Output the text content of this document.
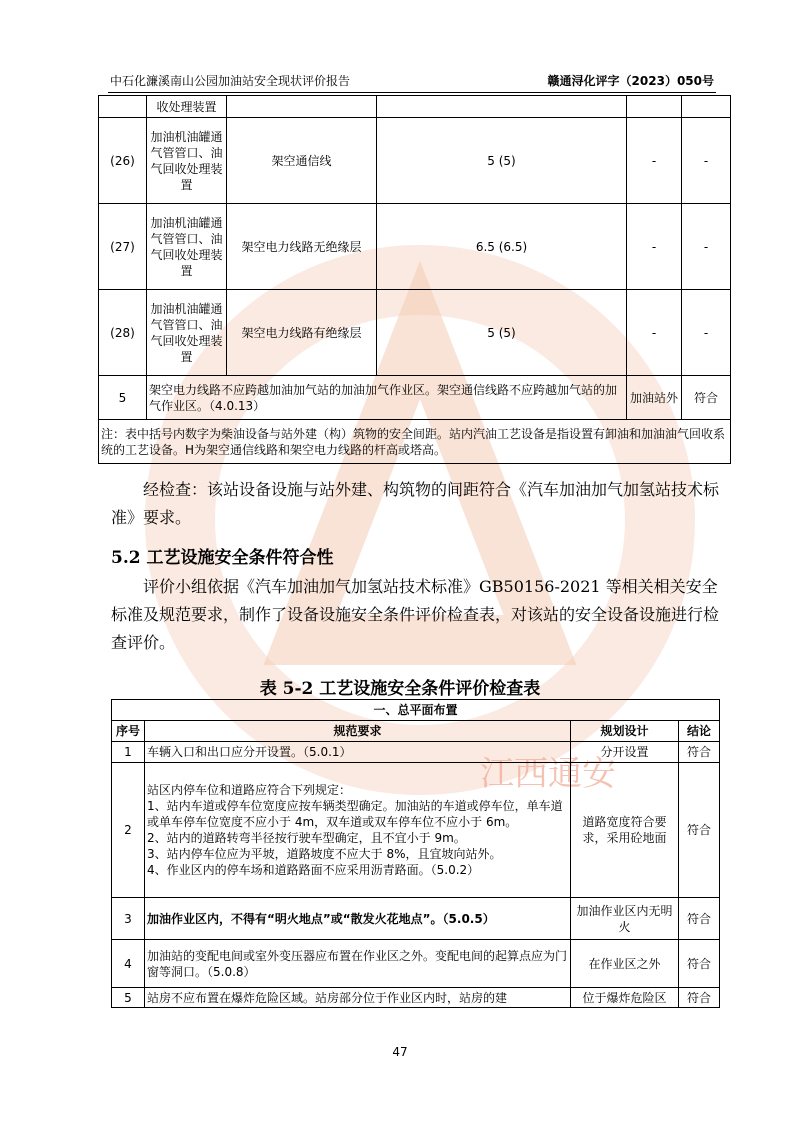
江西通安
中石化濂溪南山公园加油站安全现状评价报告	赣通浔化评字（2023）050号
	收处理装置				
(26)	加油机油罐通气管管口、油气回收处理装置	架空通信线	5 (5)	-	-
(27)	加油机油罐通气管管口、油气回收处理装置	架空电力线路无绝缘层	6.5 (6.5)	-	-
(28)	加油机油罐通气管管口、油气回收处理装置	架空电力线路有绝缘层	5 (5)	-	-
5	架空电力线路不应跨越加油加气站的加油加气作业区。架空通信线路不应跨越加气站的加气作业区。（4.0.13）			加油站外	符合
注：表中括号内数字为柴油设备与站外建（构）筑物的安全间距。站内汽油工艺设备是指设置有卸油和加油油气回收系统的工艺设备。H为架空通信线路和架空电力线路的杆高或塔高。					
经检查：该站设备设施与站外建、构筑物的间距符合《汽车加油加气加氢站技术标准》要求。
5.2 工艺设施安全条件符合性
评价小组依据《汽车加油加气加氢站技术标准》GB50156-2021 等相关相关安全标准及规范要求，制作了设备设施安全条件评价检查表，对该站的安全设备设施进行检查评价。
表 5-2 工艺设施安全条件评价检查表
一、总平面布置			
序号	规范要求	规划设计	结论
1	车辆入口和出口应分开设置。（5.0.1）	分开设置	符合
2	站区内停车位和道路应符合下列规定：
1、站内车道或停车位宽度应按车辆类型确定。加油站的车道或停车位，单车道或单车停车位宽度不应小于 4m，双车道或双车停车位不应小于 6m。
2、站内的道路转弯半径按行驶车型确定，且不宜小于 9m。
3、站内停车位应为平坡，道路坡度不应大于 8%，且宜坡向站外。
4、作业区内的停车场和道路路面不应采用沥青路面。（5.0.2）	道路宽度符合要求，采用砼地面	符合
3	加油作业区内，不得有“明火地点”或“散发火花地点”。（5.0.5）	加油作业区内无明火	符合
4	加油站的变配电间或室外变压器应布置在作业区之外。变配电间的起算点应为门窗等洞口。（5.0.8）	在作业区之外	符合
5	站房不应布置在爆炸危险区域。站房部分位于作业区内时，站房的建	位于爆炸危险区	符合
47
